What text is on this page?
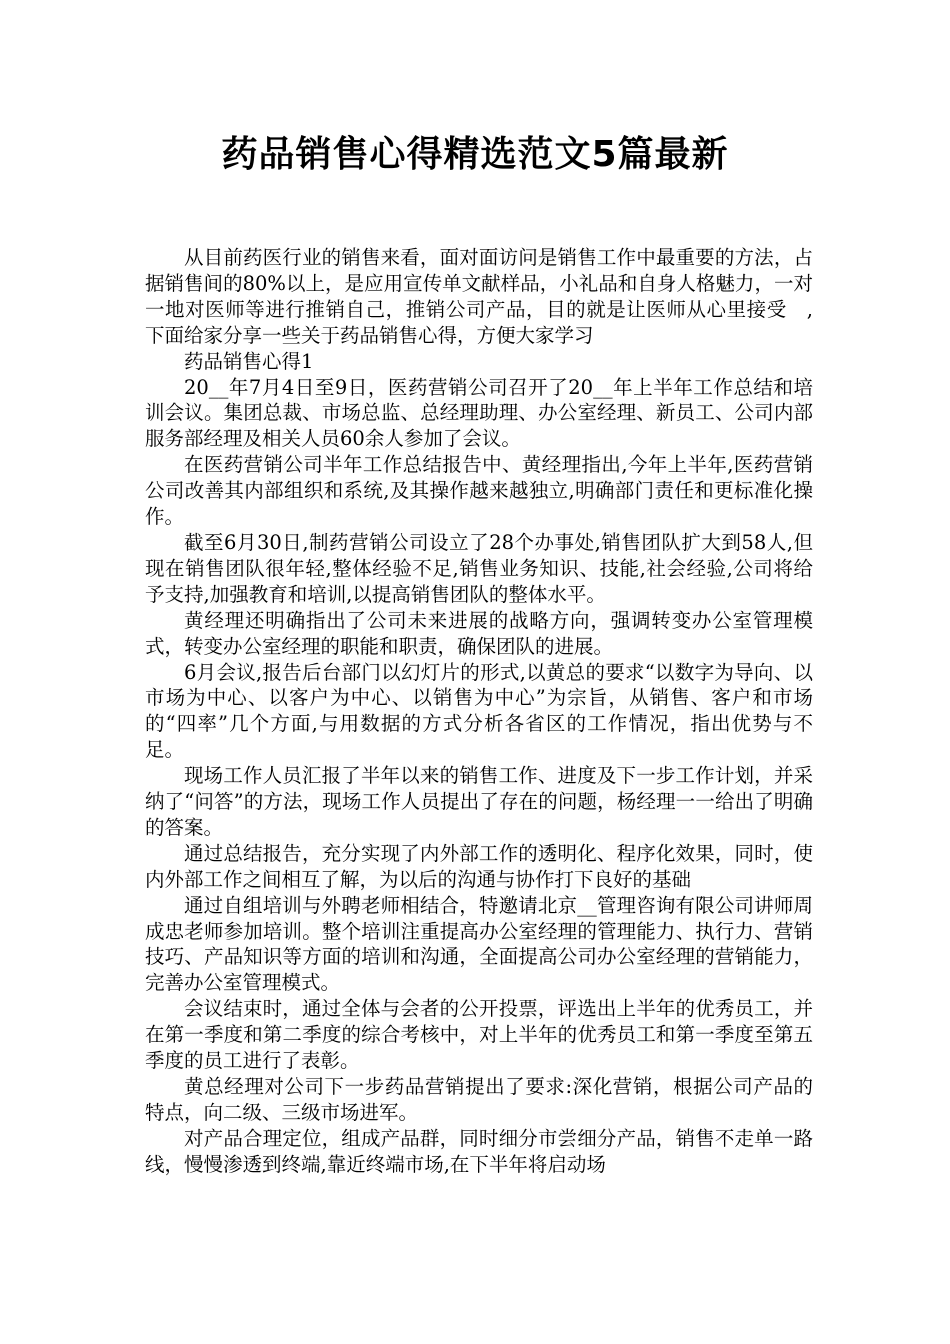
药品销售心得精选范文5篇最新

从目前药医行业的销售来看，面对面访问是销售工作中最重要的方法，占据销售间的80%以上，是应用宣传单文献样品，小礼品和自身人格魅力，一对一地对医师等进行推销自己，推销公司产品，目的就是让医师从心里接受　,下面给家分享一些关于药品销售心得，方便大家学习

药品销售心得1

20__年7月4日至9日，医药营销公司召开了20__年上半年工作总结和培训会议。集团总裁、市场总监、总经理助理、办公室经理、新员工、公司内部服务部经理及相关人员60余人参加了会议。

在医药营销公司半年工作总结报告中、黄经理指出,今年上半年,医药营销公司改善其内部组织和系统,及其操作越来越独立,明确部门责任和更标准化操作。

截至6月30日,制药营销公司设立了28个办事处,销售团队扩大到58人,但现在销售团队很年轻,整体经验不足,销售业务知识、技能,社会经验,公司将给予支持,加强教育和培训,以提高销售团队的整体水平。

黄经理还明确指出了公司未来进展的战略方向，强调转变办公室管理模式，转变办公室经理的职能和职责，确保团队的进展。

6月会议,报告后台部门以幻灯片的形式,以黄总的要求“以数字为导向、以市场为中心、以客户为中心、以销售为中心”为宗旨，从销售、客户和市场的“四率”几个方面,与用数据的方式分析各省区的工作情况，指出优势与不足。

现场工作人员汇报了半年以来的销售工作、进度及下一步工作计划，并采纳了“问答”的方法，现场工作人员提出了存在的问题，杨经理一一给出了明确的答案。

通过总结报告，充分实现了内外部工作的透明化、程序化效果，同时，使内外部工作之间相互了解，为以后的沟通与协作打下良好的基础

通过自组培训与外聘老师相结合，特邀请北京__管理咨询有限公司讲师周成忠老师参加培训。整个培训注重提高办公室经理的管理能力、执行力、营销技巧、产品知识等方面的培训和沟通，全面提高公司办公室经理的营销能力，完善办公室管理模式。

会议结束时，通过全体与会者的公开投票，评选出上半年的优秀员工，并在第一季度和第二季度的综合考核中，对上半年的优秀员工和第一季度至第五季度的员工进行了表彰。

黄总经理对公司下一步药品营销提出了要求:深化营销，根据公司产品的特点，向二级、三级市场进军。

对产品合理定位，组成产品群，同时细分市尝细分产品，销售不走单一路线，慢慢渗透到终端,靠近终端市场,在下半年将启动场
